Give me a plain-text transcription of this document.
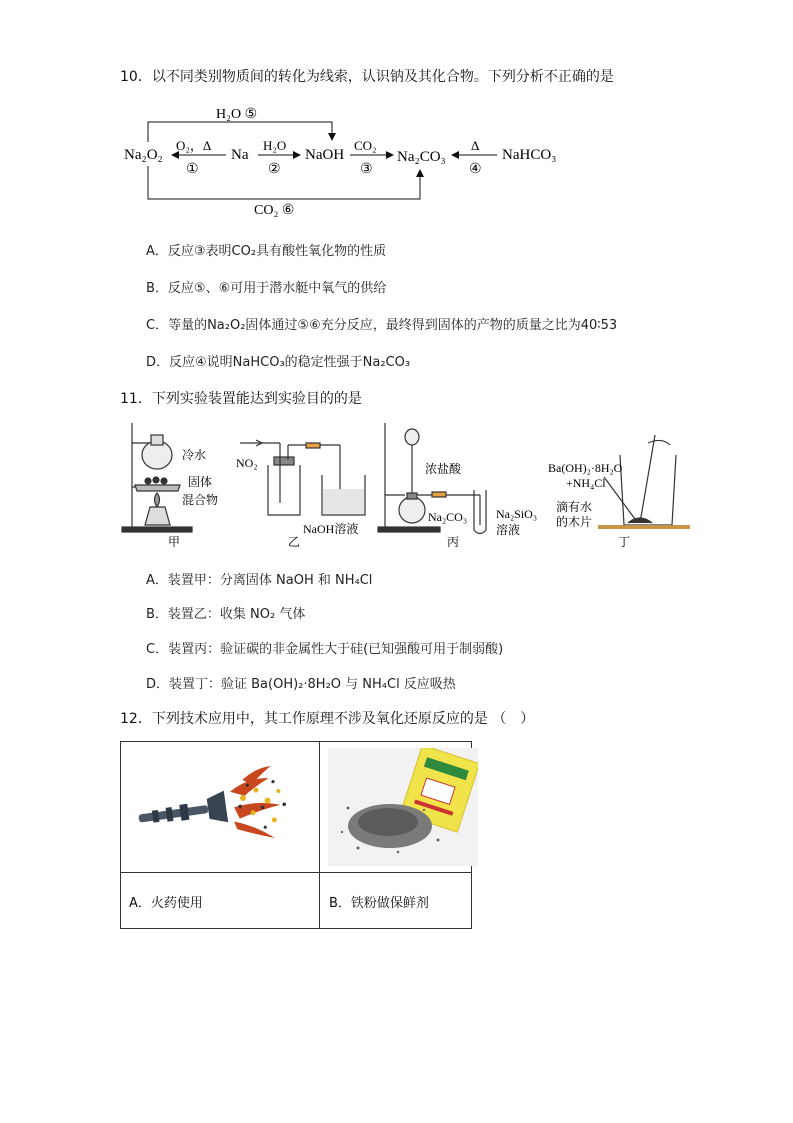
10．以不同类别物质间的转化为线索，认识钠及其化合物。下列分析不正确的是
Na₂O₂	Na	NaOH	Na₂CO₃	NaHCO₃
O₂，Δ
①
H₂O
②
CO₂
③
Δ
④
H₂O ⑤
CO₂ ⑥
A．反应③表明CO₂具有酸性氧化物的性质
B．反应⑤、⑥可用于潜水艇中氧气的供给
C．等量的Na₂O₂固体通过⑤⑥充分反应，最终得到固体的产物的质量之比为40∶53
D．反应④说明NaHCO₃的稳定性强于Na₂CO₃
11．下列实验装置能达到实验目的的是
冷水
固体
混合物
甲
NO₂
NaOH溶液
乙
浓盐酸
Na₂CO₃ Na₂SiO₃
溶液
丙
Ba(OH)₂·8H₂O
+NH₄Cl
滴有水
的木片
丁
A．装置甲：分离固体 NaOH 和 NH₄Cl
B．装置乙：收集 NO₂ 气体
C．装置丙：验证碳的非金属性大于硅(已知强酸可用于制弱酸)
D．装置丁：验证 Ba(OH)₂·8H₂O 与 NH₄Cl 反应吸热
12．下列技术应用中，其工作原理不涉及氧化还原反应的是 （　）
A．火药使用	B．铁粉做保鲜剂
